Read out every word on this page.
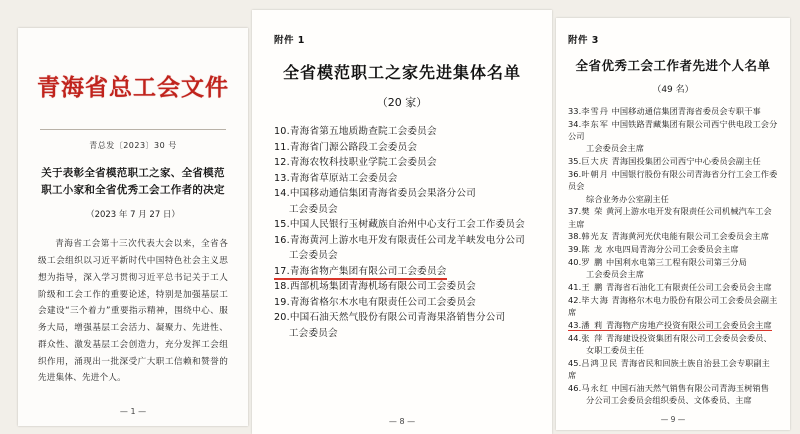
青海省总工会文件
青总发〔2023〕30 号
关于表彰全省模范职工之家、全省模范职工小家和全省优秀工会工作者的决定
（2023 年 7 月 27 日）
青海省工会第十三次代表大会以来，全省各级工会组织以习近平新时代中国特色社会主义思想为指导，深入学习贯彻习近平总书记关于工人阶级和工会工作的重要论述，特别是加强基层工会建设“三个着力”重要指示精神，围绕中心、服务大局，增强基层工会活力、凝聚力、先进性、群众性、激发基层工会创造力，充分发挥工会组织作用，涌现出一批深受广大职工信赖和赞誉的先进集体、先进个人。
— 1 —
附件 1
全省模范职工之家先进集体名单
（20 家）
10.青海省第五地质勘查院工会委员会
11.青海省门源公路段工会委员会
12.青海农牧科技职业学院工会委员会
13.青海省草原站工会委员会
14.中国移动通信集团青海省委员会果洛分公司
工会委员会
15.中国人民银行玉树藏族自治州中心支行工会工作委员会
16.青海黄河上游水电开发有限责任公司龙羊峡发电分公司
工会委员会
17.青海省物产集团有限公司工会委员会
18.西部机场集团青海机场有限公司工会委员会
19.青海省格尔木水电有限责任公司工会委员会
20.中国石油天然气股份有限公司青海果洛销售分公司
工会委员会
— 8 —
附件 3
全省优秀工会工作者先进个人名单
（49 名）
33.李雪丹 中国移动通信集团青海省委员会专职干事
34.李东军 中国铁路青藏集团有限公司西宁供电段工会分公司
工会委员会主席
35.巨大庆 青海国投集团公司西宁中心委员会副主任
36.叶朝月 中国银行股份有限公司青海省分行工会工作委员会
综合业务办公室副主任
37.樊 荣 黄河上游水电开发有限责任公司机械汽车工会主席
38.韩光友 青海黄河光伏电能有限公司工会委员会主席
39.陈 龙 水电四局青海分公司工会委员会主席
40.罗 鹏 中国利水电第三工程有限公司第三分局
工会委员会主席
41.王 鹏 青海省石油化工有限责任公司工会委员会主席
42.毕大海 青海格尔木电力股份有限公司工会委员会副主席
43.潘 莉 青海物产房地产投资有限公司工会委员会主席
44.张 萍 青海建设投资集团有限公司工会委员会委员、
女职工委员主任
45.吕鸿卫民 青海省民和回族土族自治县工会专职副主席
46.马永红 中国石油天然气销售有限公司青海玉树销售
分公司工会委员会组织委员、文体委员、主席
— 9 —
